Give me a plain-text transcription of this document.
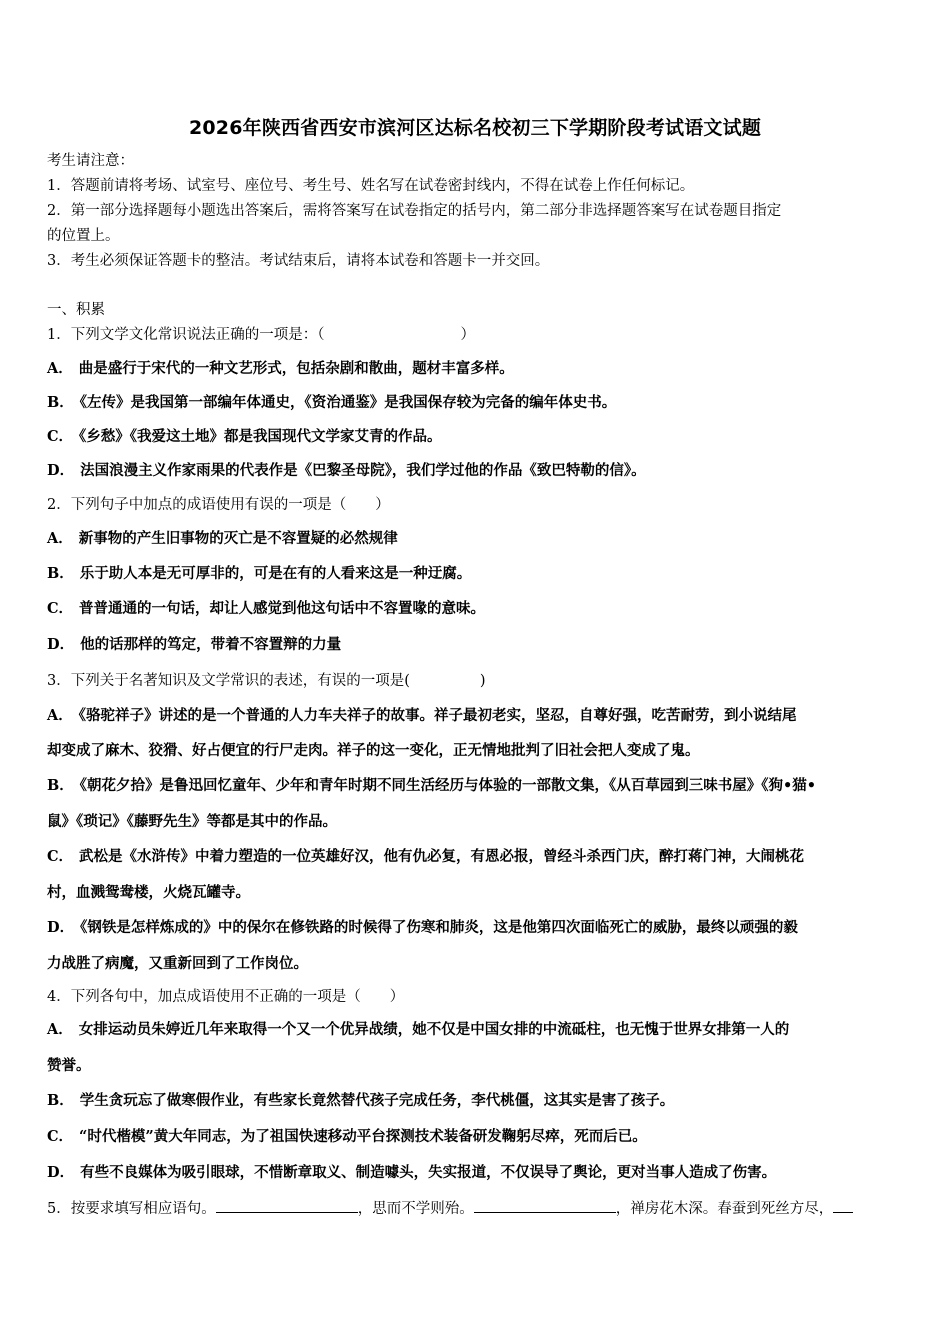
2026年陕西省西安市滨河区达标名校初三下学期阶段考试语文试题
考生请注意：
1．答题前请将考场、试室号、座位号、考生号、姓名写在试卷密封线内，不得在试卷上作任何标记。
2．第一部分选择题每小题选出答案后，需将答案写在试卷指定的括号内，第二部分非选择题答案写在试卷题目指定
的位置上。
3．考生必须保证答题卡的整洁。考试结束后，请将本试卷和答题卡一并交回。
一、积累
1．下列文学文化常识说法正确的一项是：（	）
A． 曲是盛行于宋代的一种文艺形式，包括杂剧和散曲，题材丰富多样。
B． 《左传》是我国第一部编年体通史，《资治通鉴》是我国保存较为完备的编年体史书。
C． 《乡愁》《我爱这土地》都是我国现代文学家艾青的作品。
D． 法国浪漫主义作家雨果的代表作是《巴黎圣母院》，我们学过他的作品《致巴特勒的信》。
2．下列句子中加点的成语使用有误的一项是（　　）
A． 新事物的产生旧事物的灭亡是不容置疑的必然规律
B． 乐于助人本是无可厚非的，可是在有的人看来这是一种迂腐。
C． 普普通通的一句话，却让人感觉到他这句话中不容置喙的意味。
D． 他的话那样的笃定，带着不容置辩的力量
3．下列关于名著知识及文学常识的表述，有误的一项是(	)
A． 《骆驼祥子》讲述的是一个普通的人力车夫祥子的故事。祥子最初老实，坚忍，自尊好强，吃苦耐劳，到小说结尾
却变成了麻木、狡猾、好占便宜的行尸走肉。祥子的这一变化，正无情地批判了旧社会把人变成了鬼。
B． 《朝花夕拾》是鲁迅回忆童年、少年和青年时期不同生活经历与体验的一部散文集，《从百草园到三味书屋》《狗•猫•
鼠》《琐记》《藤野先生》等都是其中的作品。
C． 武松是《水浒传》中着力塑造的一位英雄好汉，他有仇必复，有恩必报，曾经斗杀西门庆，醉打蒋门神，大闹桃花
村，血溅鸳鸯楼，火烧瓦罐寺。
D． 《钢铁是怎样炼成的》中的保尔在修铁路的时候得了伤寒和肺炎，这是他第四次面临死亡的威胁，最终以顽强的毅
力战胜了病魔，又重新回到了工作岗位。
4．下列各句中，加点成语使用不正确的一项是（　　）
A． 女排运动员朱婷近几年来取得一个又一个优异战绩，她不仅是中国女排的中流砥柱，也无愧于世界女排第一人的
赞誉。
B． 学生贪玩忘了做寒假作业，有些家长竟然替代孩子完成任务，李代桃僵，这其实是害了孩子。
C． “时代楷模”黄大年同志，为了祖国快速移动平台探测技术装备研发鞠躬尽瘁，死而后已。
D． 有些不良媒体为吸引眼球，不惜断章取义、制造噱头，失实报道，不仅误导了舆论，更对当事人造成了伤害。
5．按要求填写相应语句。	，思而不学则殆。	，禅房花木深。春蚕到死丝方尽，
